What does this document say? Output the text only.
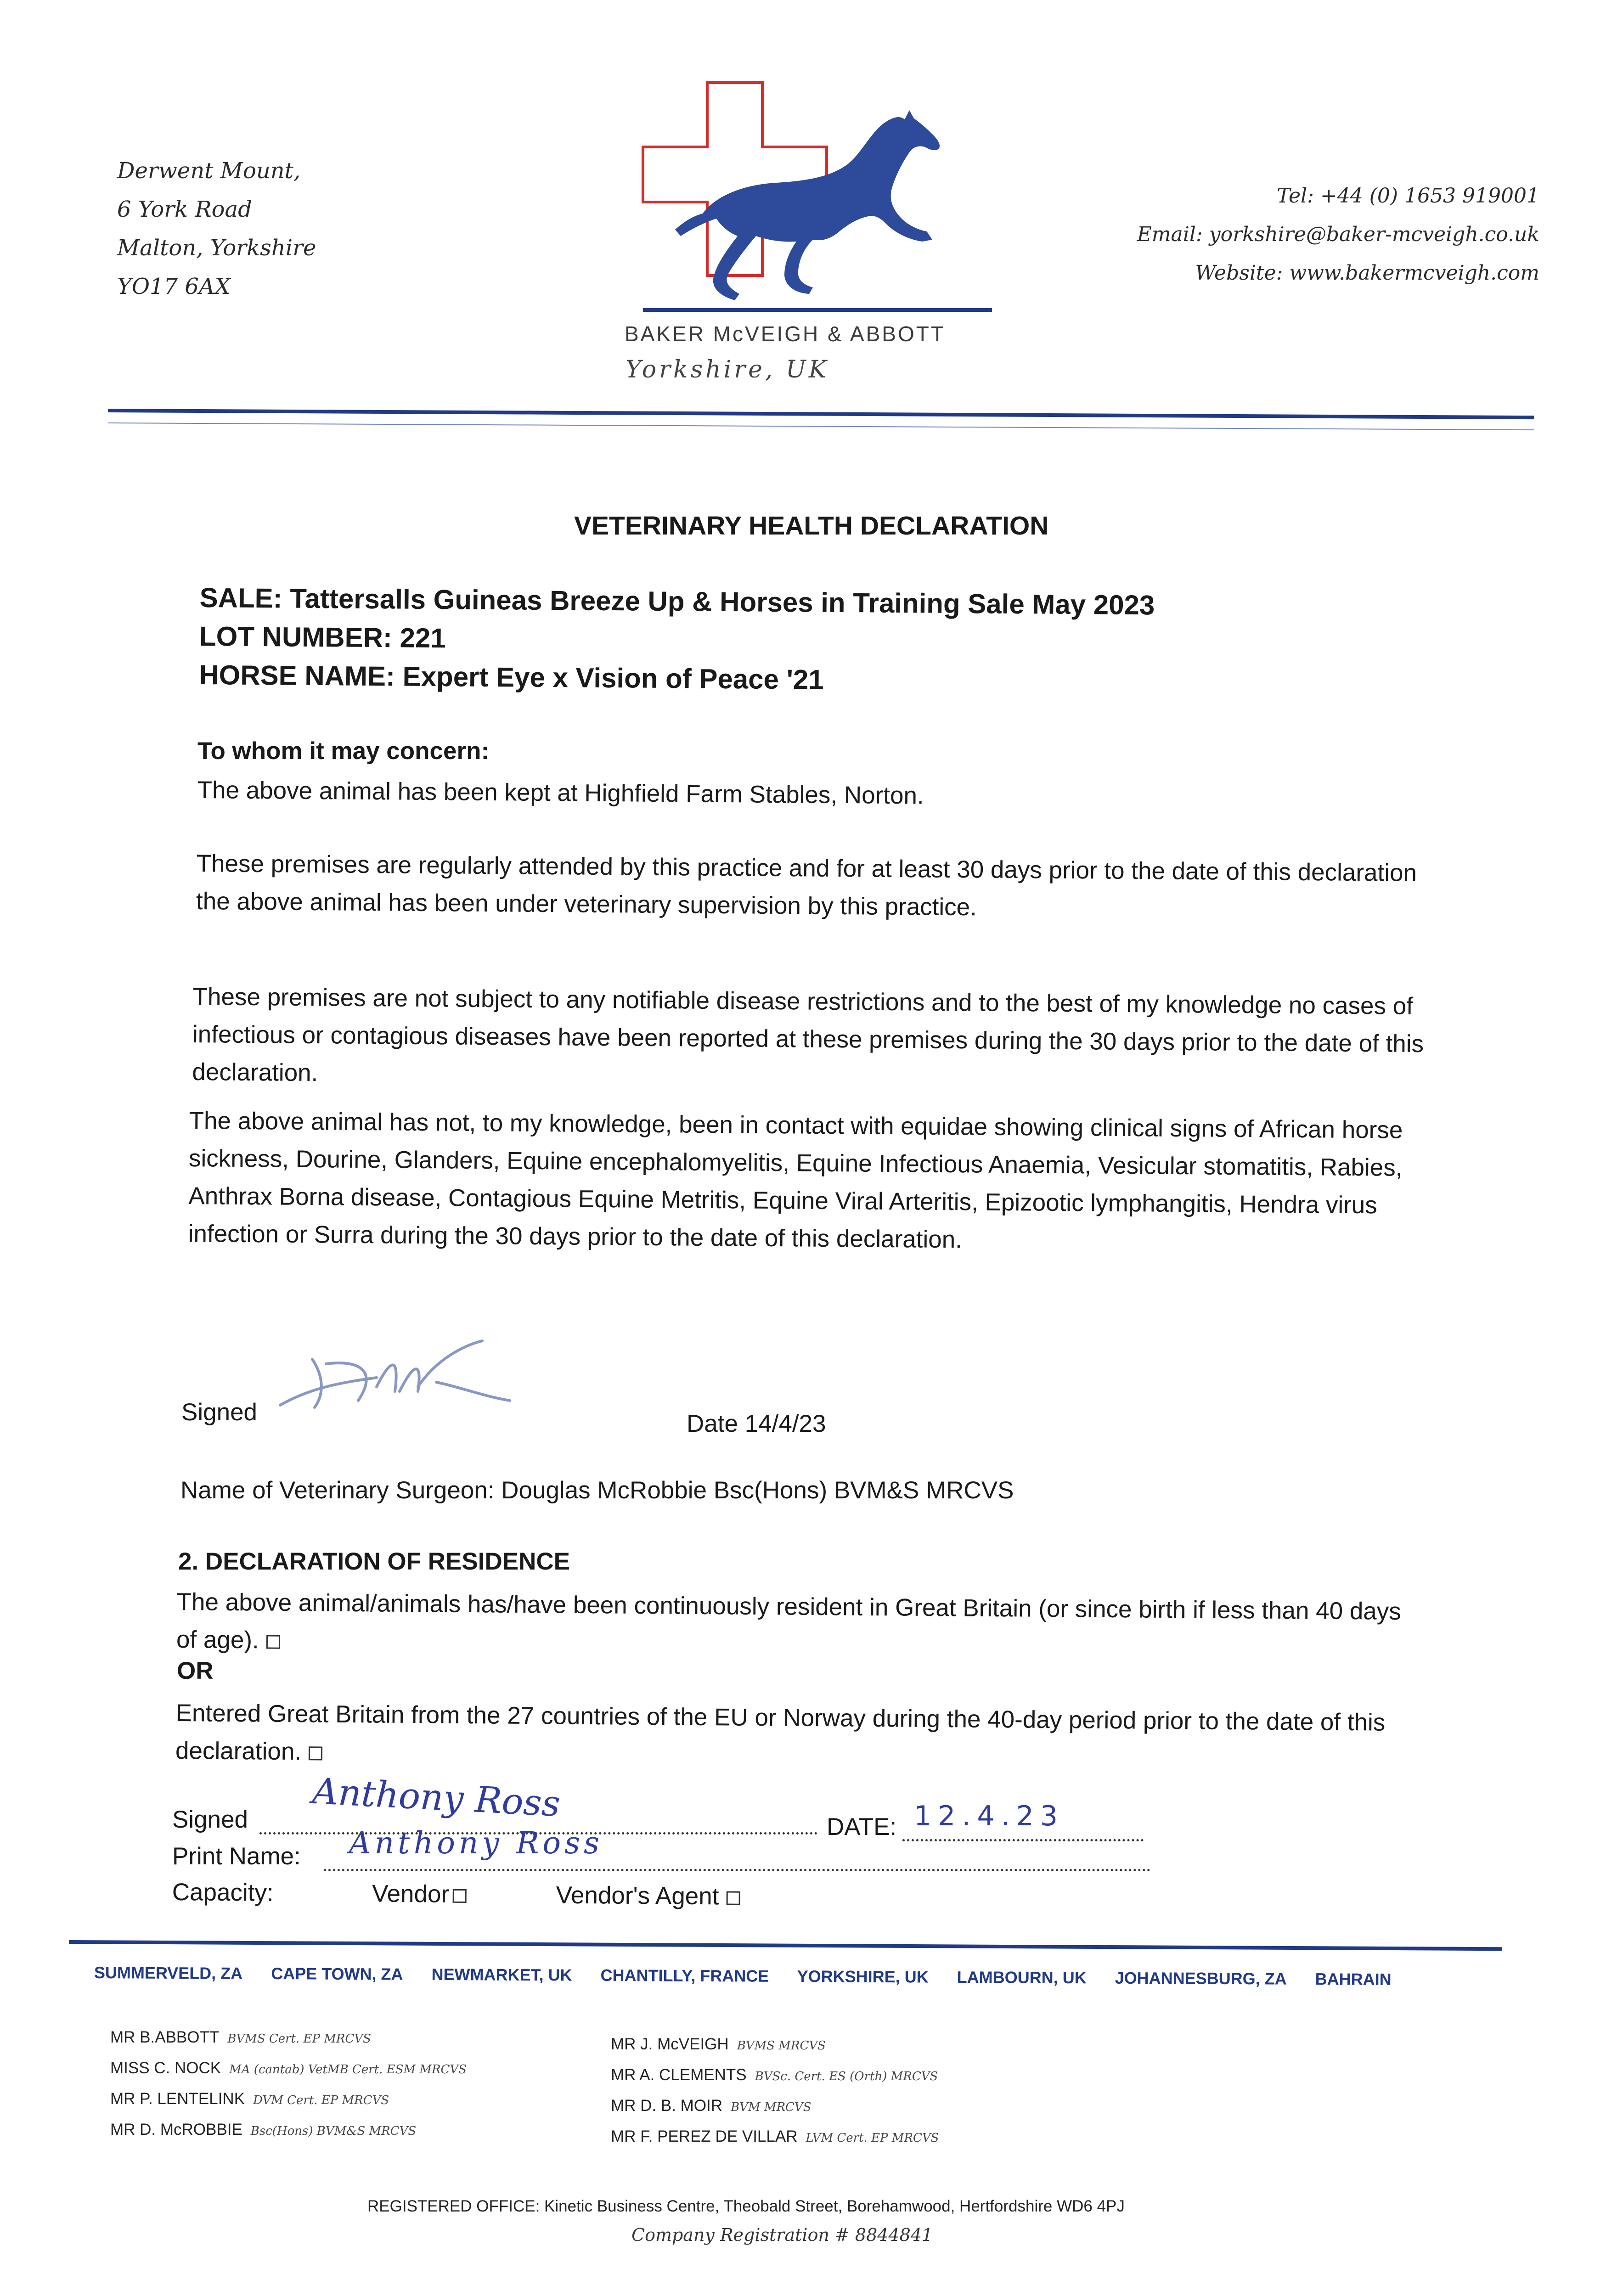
Derwent Mount,
6 York Road
Malton, Yorkshire
YO17 6AX
BAKER McVEIGH & ABBOTT
Yorkshire, UK
Tel: +44 (0) 1653 919001
Email: yorkshire@baker-mcveigh.co.uk
Website: www.bakermcveigh.com
VETERINARY HEALTH DECLARATION
SALE: Tattersalls Guineas Breeze Up & Horses in Training Sale May 2023
LOT NUMBER: 221
HORSE NAME: Expert Eye x Vision of Peace '21
To whom it may concern:
The above animal has been kept at Highfield Farm Stables, Norton.
These premises are regularly attended by this practice and for at least 30 days prior to the date of this declaration the above animal has been under veterinary supervision by this practice.
These premises are not subject to any notifiable disease restrictions and to the best of my knowledge no cases of infectious or contagious diseases have been reported at these premises during the 30 days prior to the date of this declaration.
The above animal has not, to my knowledge, been in contact with equidae showing clinical signs of African horse sickness, Dourine, Glanders, Equine encephalomyelitis, Equine Infectious Anaemia, Vesicular stomatitis, Rabies, Anthrax Borna disease, Contagious Equine Metritis, Equine Viral Arteritis, Epizootic lymphangitis, Hendra virus infection or Surra during the 30 days prior to the date of this declaration.
Signed	Date 14/4/23
Name of Veterinary Surgeon: Douglas McRobbie Bsc(Hons) BVM&S MRCVS
2. DECLARATION OF RESIDENCE
The above animal/animals has/have been continuously resident in Great Britain (or since birth if less than 40 days of age).
OR
Entered Great Britain from the 27 countries of the EU or Norway during the 40-day period prior to the date of this declaration.
Signed Anthony Ross
DATE: 12.4.23
Print Name: Anthony Ross
Capacity:	Vendor	Vendor's Agent
SUMMERVELD, ZA CAPE TOWN, ZA NEWMARKET, UK CHANTILLY, FRANCE YORKSHIRE, UK LAMBOURN, UK JOHANNESBURG, ZA BAHRAIN
MR B.ABBOTT BVMS Cert. EP MRCVS
MISS C. NOCK MA (cantab) VetMB Cert. ESM MRCVS
MR P. LENTELINK DVM Cert. EP MRCVS
MR D. McROBBIE Bsc(Hons) BVM&S MRCVS
MR J. McVEIGH BVMS MRCVS
MR A. CLEMENTS BVSc. Cert. ES (Orth) MRCVS
MR D. B. MOIR BVM MRCVS
MR F. PEREZ DE VILLAR LVM Cert. EP MRCVS
REGISTERED OFFICE: Kinetic Business Centre, Theobald Street, Borehamwood, Hertfordshire WD6 4PJ
Company Registration # 8844841
